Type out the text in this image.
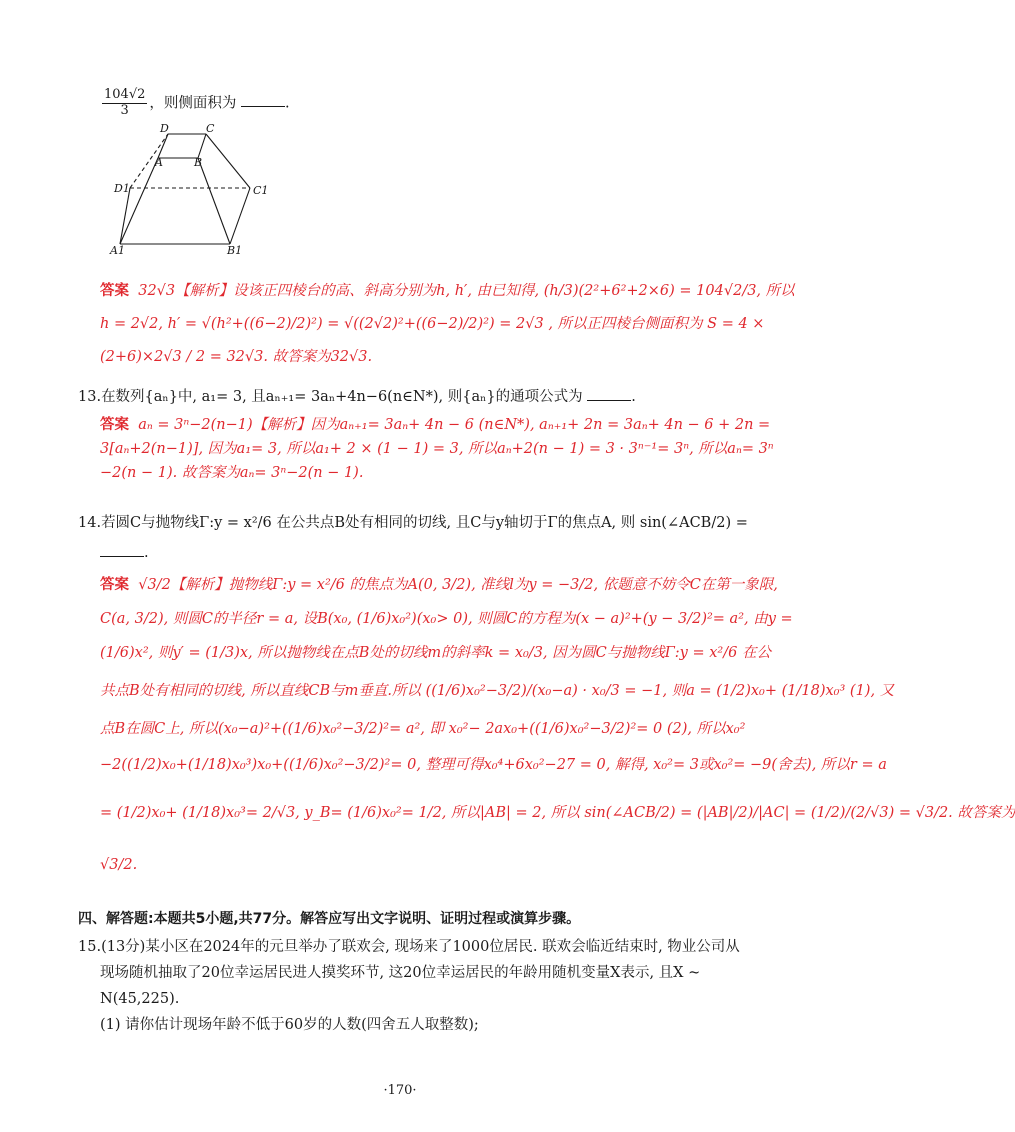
$\frac{104√2}{3}$ ，则侧面积为	.
D	C
A	B
D1	C1
A1	B1
答案 32√3【解析】设该正四棱台的高、斜高分别为h, h′, 由已知得, (h/3)(2²+6²+2×6) = 104√2/3, 所以
h = 2√2, h′ = √(h²+((6−2)/2)²) = √((2√2)²+((6−2)/2)²) = 2√3 , 所以正四棱台侧面积为 S = 4 ×
(2+6)×2√3 / 2 = 32√3. 故答案为32√3.
13.在数列{aₙ}中, a₁= 3, 且aₙ₊₁= 3aₙ+4n−6(n∈N*), 则{aₙ}的通项公式为	.
答案 aₙ = 3ⁿ−2(n−1)【解析】因为aₙ₊₁= 3aₙ+ 4n − 6 (n∈N*), aₙ₊₁+ 2n = 3aₙ+ 4n − 6 + 2n =
3[aₙ+2(n−1)], 因为a₁= 3, 所以a₁+ 2 × (1 − 1) = 3, 所以aₙ+2(n − 1) = 3 · 3ⁿ⁻¹= 3ⁿ, 所以aₙ= 3ⁿ
−2(n − 1). 故答案为aₙ= 3ⁿ−2(n − 1).
14.若圆C与抛物线Γ:y = x²/6 在公共点B处有相同的切线, 且C与y轴切于Γ的焦点A, 则 sin(∠ACB/2) =
.
答案 √3/2【解析】抛物线Γ:y = x²/6 的焦点为A(0, 3/2), 准线l为y = −3/2, 依题意不妨令C在第一象限,
C(a, 3/2), 则圆C的半径r = a, 设B(x₀, (1/6)x₀²)(x₀> 0), 则圆C的方程为(x − a)²+(y − 3/2)²= a², 由y =
(1/6)x², 则y′ = (1/3)x, 所以抛物线在点B处的切线m的斜率k = x₀/3, 因为圆C与抛物线Γ:y = x²/6 在公
共点B处有相同的切线, 所以直线CB与m垂直.所以 ((1/6)x₀²−3/2)/(x₀−a) · x₀/3 = −1, 则a = (1/2)x₀+ (1/18)x₀³ (1), 又
点B在圆C上, 所以(x₀−a)²+((1/6)x₀²−3/2)²= a², 即 x₀²− 2ax₀+((1/6)x₀²−3/2)²= 0 (2), 所以x₀²
−2((1/2)x₀+(1/18)x₀³)x₀+((1/6)x₀²−3/2)²= 0, 整理可得x₀⁴+6x₀²−27 = 0, 解得, x₀²= 3或x₀²= −9(舍去), 所以r = a
= (1/2)x₀+ (1/18)x₀³= 2/√3, y_B= (1/6)x₀²= 1/2, 所以|AB| = 2, 所以 sin(∠ACB/2) = (|AB|/2)/|AC| = (1/2)/(2/√3) = √3/2. 故答案为
√3/2.
四、解答题:本题共5小题,共77分。解答应写出文字说明、证明过程或演算步骤。
15.(13分)某小区在2024年的元旦举办了联欢会, 现场来了1000位居民. 联欢会临近结束时, 物业公司从
现场随机抽取了20位幸运居民进人摸奖环节, 这20位幸运居民的年龄用随机变量X表示, 且X ~
N(45,225).
(1) 请你估计现场年龄不低于60岁的人数(四舍五人取整数);
·170·
